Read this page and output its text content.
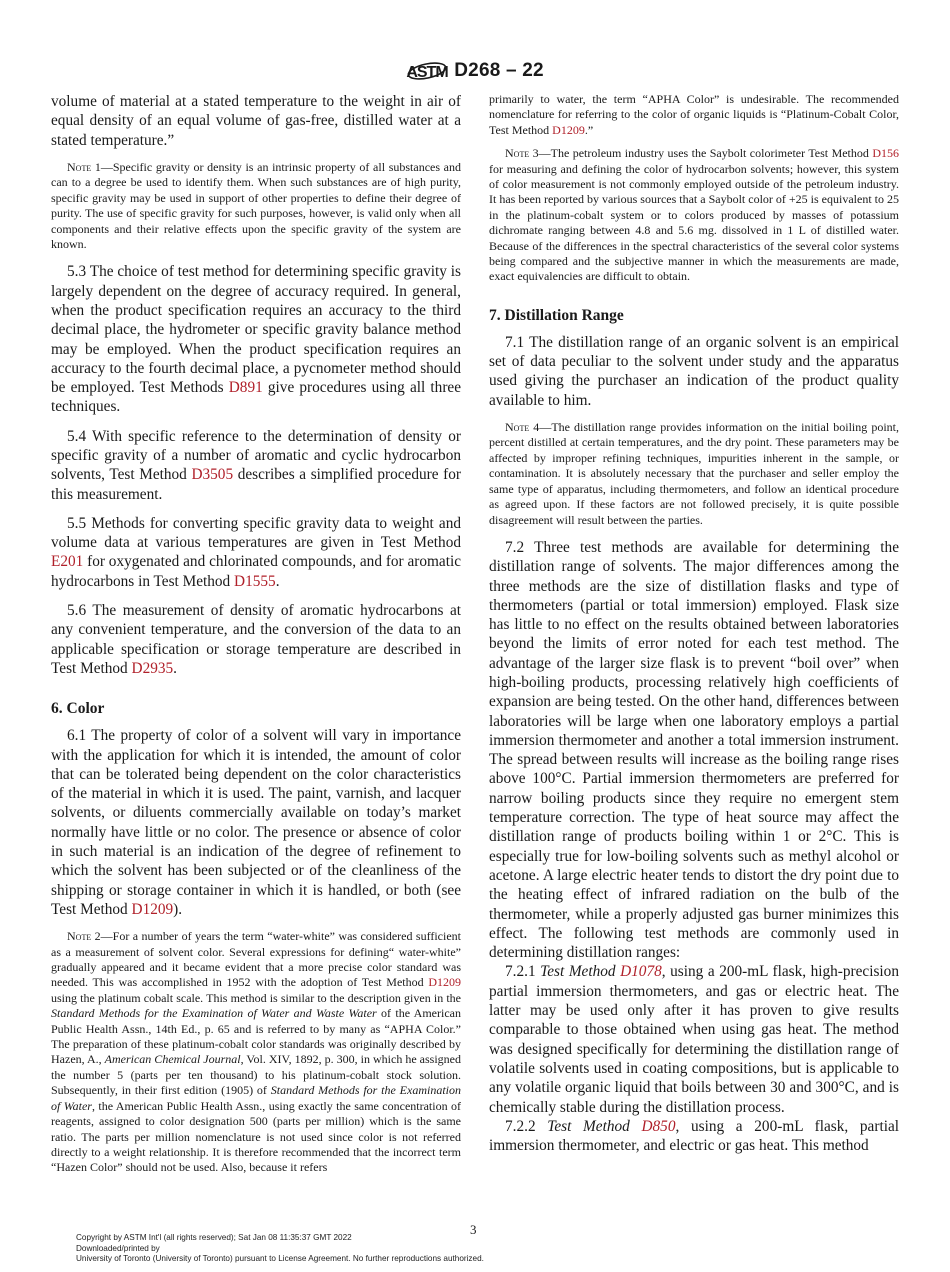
ASTM D268 – 22

volume of material at a stated temperature to the weight in air of equal density of an equal volume of gas-free, distilled water at a stated temperature.”

Note 1—Specific gravity or density is an intrinsic property of all substances and can to a degree be used to identify them. When such substances are of high purity, specific gravity may be used in support of other properties to define their degree of purity. The use of specific gravity for such purposes, however, is valid only when all components and their relative effects upon the specific gravity of the system are known.

5.3 The choice of test method for determining specific gravity is largely dependent on the degree of accuracy required. In general, when the product specification requires an accuracy to the third decimal place, the hydrometer or specific gravity balance method may be employed. When the product specification requires an accuracy to the fourth decimal place, a pycnometer method should be employed. Test Methods D891 give procedures using all three techniques.

5.4 With specific reference to the determination of density or specific gravity of a number of aromatic and cyclic hydrocarbon solvents, Test Method D3505 describes a simplified procedure for this measurement.

5.5 Methods for converting specific gravity data to weight and volume data at various temperatures are given in Test Method E201 for oxygenated and chlorinated compounds, and for aromatic hydrocarbons in Test Method D1555.

5.6 The measurement of density of aromatic hydrocarbons at any convenient temperature, and the conversion of the data to an applicable specification or storage temperature are described in Test Method D2935.

6. Color

6.1 The property of color of a solvent will vary in importance with the application for which it is intended, the amount of color that can be tolerated being dependent on the color characteristics of the material in which it is used. The paint, varnish, and lacquer solvents, or diluents commercially available on today’s market normally have little or no color. The presence or absence of color in such material is an indication of the degree of refinement to which the solvent has been subjected or of the cleanliness of the shipping or storage container in which it is handled, or both (see Test Method D1209).

Note 2—For a number of years the term “water-white” was considered sufficient as a measurement of solvent color. Several expressions for defining“ water-white” gradually appeared and it became evident that a more precise color standard was needed. This was accomplished in 1952 with the adoption of Test Method D1209 using the platinum cobalt scale. This method is similar to the description given in the Standard Methods for the Examination of Water and Waste Water of the American Public Health Assn., 14th Ed., p. 65 and is referred to by many as “APHA Color.” The preparation of these platinum-cobalt color standards was originally described by Hazen, A., American Chemical Journal, Vol. XIV, 1892, p. 300, in which he assigned the number 5 (parts per ten thousand) to his platinum-cobalt stock solution. Subsequently, in their first edition (1905) of Standard Methods for the Examination of Water, the American Public Health Assn., using exactly the same concentration of reagents, assigned to color designation 500 (parts per million) which is the same ratio. The parts per million nomenclature is not used since color is not referred directly to a weight relationship. It is therefore recommended that the incorrect term “Hazen Color” should not be used. Also, because it refers

primarily to water, the term “APHA Color” is undesirable. The recommended nomenclature for referring to the color of organic liquids is “Platinum-Cobalt Color, Test Method D1209.”

Note 3—The petroleum industry uses the Saybolt colorimeter Test Method D156 for measuring and defining the color of hydrocarbon solvents; however, this system of color measurement is not commonly employed outside of the petroleum industry. It has been reported by various sources that a Saybolt color of +25 is equivalent to 25 in the platinum-cobalt system or to colors produced by masses of potassium dichromate ranging between 4.8 and 5.6 mg. dissolved in 1 L of distilled water. Because of the differences in the spectral characteristics of the several color systems being compared and the subjective manner in which the measurements are made, exact equivalencies are difficult to obtain.

7. Distillation Range

7.1 The distillation range of an organic solvent is an empirical set of data peculiar to the solvent under study and the apparatus used giving the purchaser an indication of the product quality available to him.

Note 4—The distillation range provides information on the initial boiling point, percent distilled at certain temperatures, and the dry point. These parameters may be affected by improper refining techniques, impurities inherent in the sample, or contamination. It is absolutely necessary that the purchaser and seller employ the same type of apparatus, including thermometers, and follow an identical procedure as agreed upon. If these factors are not followed precisely, it is quite possible disagreement will result between the parties.

7.2 Three test methods are available for determining the distillation range of solvents. The major differences among the three methods are the size of distillation flasks and type of thermometers (partial or total immersion) employed. Flask size has little to no effect on the results obtained between laboratories beyond the limits of error noted for each test method. The advantage of the larger size flask is to prevent “boil over” when high-boiling products, processing relatively high coefficients of expansion are being tested. On the other hand, differences between laboratories will be large when one laboratory employs a partial immersion thermometer and another a total immersion instrument. The spread between results will increase as the boiling range rises above 100°C. Partial immersion thermometers are preferred for narrow boiling products since they require no emergent stem temperature correction. The type of heat source may affect the distillation range of products boiling within 1 or 2°C. This is especially true for low-boiling solvents such as methyl alcohol or acetone. A large electric heater tends to distort the dry point due to the heating effect of infrared radiation on the bulb of the thermometer, while a properly adjusted gas burner minimizes this effect. The following test methods are commonly used in determining distillation ranges:

7.2.1 Test Method D1078, using a 200-mL flask, high-precision partial immersion thermometers, and gas or electric heat. The latter may be used only after it has proven to give results comparable to those obtained when using gas heat. The method was designed specifically for determining the distillation range of volatile solvents used in coating compositions, but is applicable to any volatile organic liquid that boils between 30 and 300°C, and is chemically stable during the distillation process.

7.2.2 Test Method D850, using a 200-mL flask, partial immersion thermometer, and electric or gas heat. This method

3
Copyright by ASTM Int'l (all rights reserved); Sat Jan 08 11:35:37 GMT 2022
Downloaded/printed by
University of Toronto (University of Toronto) pursuant to License Agreement. No further reproductions authorized.
